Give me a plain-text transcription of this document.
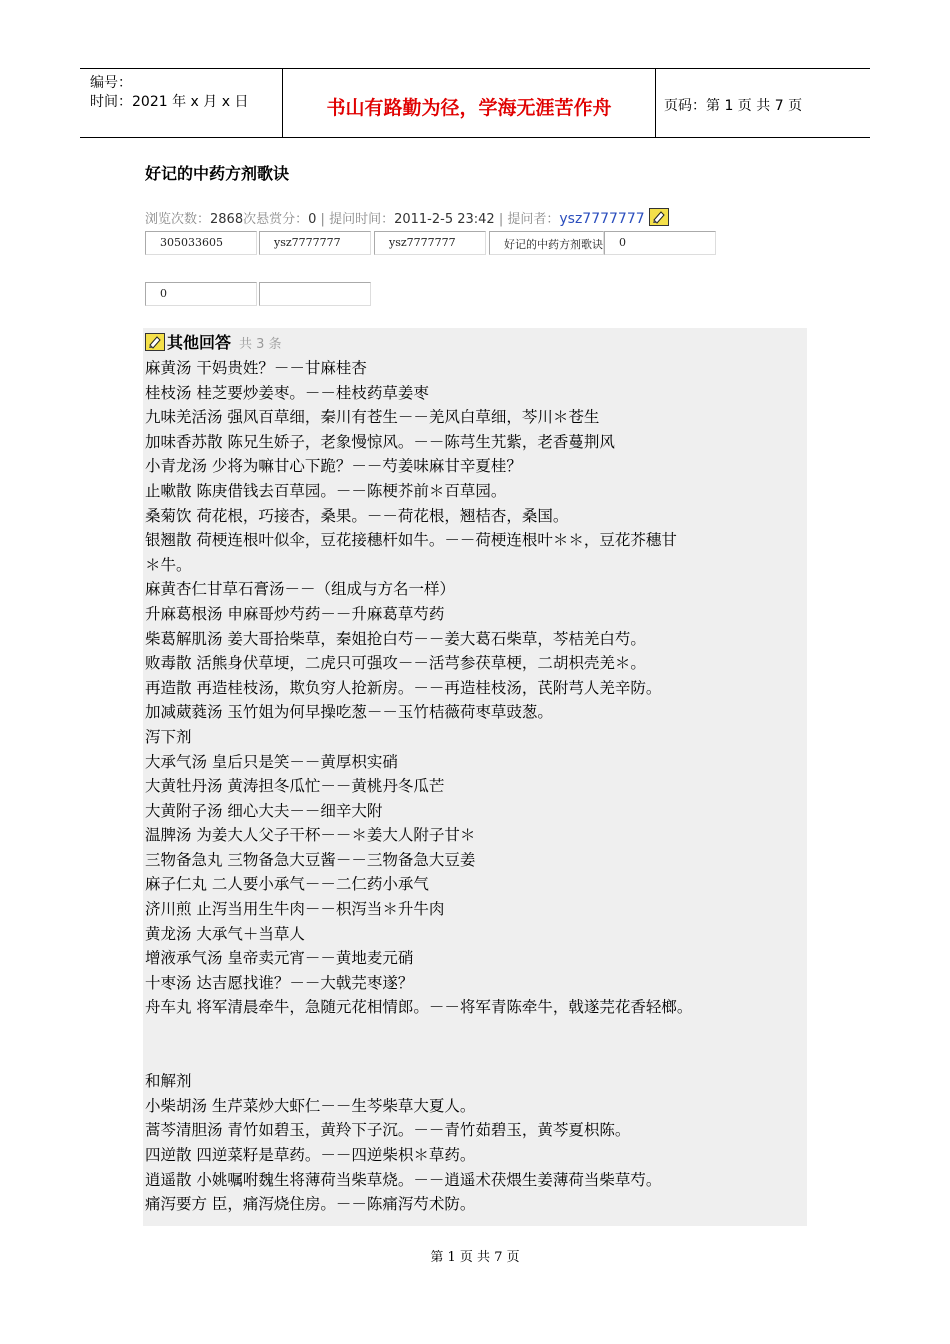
编号：
时间：2021 年 x 月 x 日	书山有路勤为径，学海无涯苦作舟	页码：第 1 页 共 7 页
好记的中药方剂歌诀
浏览次数：2868次悬赏分：0 | 提问时间：2011-2-5 23:42 | 提问者：ysz7777777
305033605	ysz7777777	ysz7777777	好记的中药方剂歌诀	0
0
其他回答 共 3 条
麻黄汤 干妈贵姓？－－甘麻桂杏
桂枝汤 桂芝要炒姜枣。－－桂枝药草姜枣
九味羌活汤 强风百草细，秦川有苍生－－羌风白草细，芩川＊苍生
加味香苏散 陈兄生娇子，老象慢惊风。－－陈芎生艽紫，老香蔓荆风
小青龙汤 少将为嘛甘心下跪？－－芍姜味麻甘辛夏桂？
止嗽散 陈庚借钱去百草园。－－陈梗芥前＊百草园。
桑菊饮 荷花根，巧接杏，桑果。－－荷花根，翘桔杏，桑国。
银翘散 荷梗连根叶似伞，豆花接穗杆如牛。－－荷梗连根叶＊＊，豆花芥穗甘
＊牛。
麻黄杏仁甘草石膏汤－－（组成与方名一样）
升麻葛根汤 申麻哥炒芍药－－升麻葛草芍药
柴葛解肌汤 姜大哥拾柴草，秦姐抢白芍－－姜大葛石柴草，芩桔羌白芍。
败毒散 活熊身伏草埂，二虎只可强攻－－活芎参茯草梗，二胡枳壳羌＊。
再造散 再造桂枝汤，欺负穷人抢新房。－－再造桂枝汤，芪附芎人羌辛防。
加减葳蕤汤 玉竹姐为何早操吃葱－－玉竹桔薇荷枣草豉葱。
泻下剂
大承气汤 皇后只是笑－－黄厚枳实硝
大黄牡丹汤 黄涛担冬瓜忙－－黄桃丹冬瓜芒
大黄附子汤 细心大夫－－细辛大附
温脾汤 为姜大人父子干杯－－＊姜大人附子甘＊
三物备急丸 三物备急大豆酱－－三物备急大豆姜
麻子仁丸 二人要小承气－－二仁药小承气
济川煎 止泻当用生牛肉－－枳泻当＊升牛肉
黄龙汤 大承气＋当草人
增液承气汤 皇帝卖元宵－－黄地麦元硝
十枣汤 达吉愿找谁？－－大戟芫枣遂？
舟车丸 将军清晨牵牛，急随元花相情郎。－－将军青陈牵牛，戟遂芫花香轻榔。
和解剂
小柴胡汤 生芹菜炒大虾仁－－生芩柴草大夏人。
蒿芩清胆汤 青竹如碧玉，黄羚下子沉。－－青竹茹碧玉，黄芩夏枳陈。
四逆散 四逆菜籽是草药。－－四逆柴枳＊草药。
逍遥散 小姚嘱咐魏生将薄荷当柴草烧。－－逍遥术茯煨生姜薄荷当柴草芍。
痛泻要方 臣，痛泻烧住房。－－陈痛泻芍术防。
第 1 页 共 7 页
